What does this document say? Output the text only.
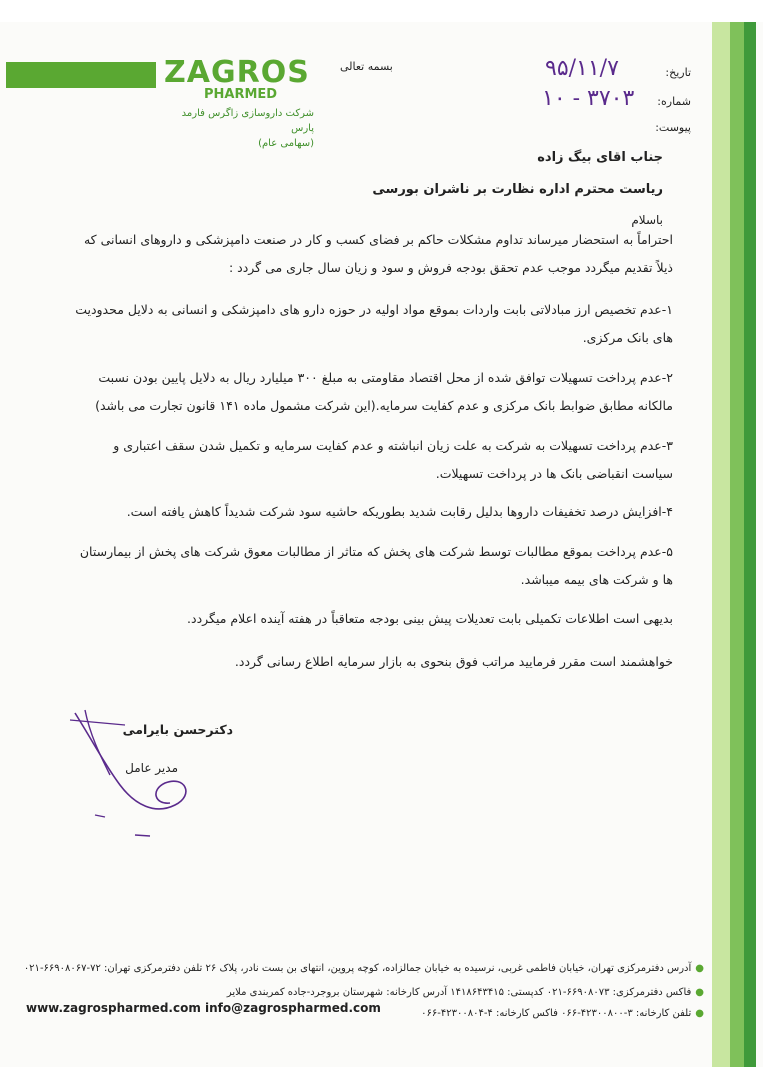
ZAGROS
PHARMED
شرکت داروسازی زاگرس فارمد پارس
(سهامی عام)
بسمه تعالی	تاریخ:
شماره:
پیوست:
۹۵/۱۱/۷
۱۰ - ۳۷۰۳
جناب اقای بیگ زاده
ریاست محترم اداره نظارت بر ناشران بورسی
باسلام
احتراماً به استحضار میرساند تداوم مشکلات حاکم بر فضای کسب و کار در صنعت دامپزشکی و داروهای انسانی که ذیلاً تقدیم میگردد موجب عدم تحقق بودجه فروش و سود و زیان سال جاری می گردد :
۱-عدم تخصیص ارز مبادلاتی بابت واردات بموقع مواد اولیه در حوزه دارو های دامپزشکی و انسانی به دلایل محدودیت های بانک مرکزی.
۲-عدم پرداخت تسهیلات توافق شده از محل اقتصاد مقاومتی به مبلغ ۳۰۰ میلیارد ریال به دلایل پایین بودن نسبت مالکانه مطابق ضوابط بانک مرکزی و عدم کفایت سرمایه.(این شرکت مشمول ماده ۱۴۱ قانون تجارت می باشد)
۳-عدم پرداخت تسهیلات به شرکت به علت زیان انباشته و عدم کفایت سرمایه و تکمیل شدن سقف اعتباری و سیاست انقباضی بانک ها در پرداخت تسهیلات.
۴-افزایش درصد تخفیفات داروها بدلیل رقابت شدید بطوریکه حاشیه سود شرکت شدیداً کاهش یافته است.
۵-عدم پرداخت بموقع مطالبات توسط شرکت های پخش که متاثر از مطالبات معوق شرکت های پخش از بیمارستان ها و شرکت های بیمه میباشد.
بدیهی است اطلاعات تکمیلی بابت تعدیلات پیش بینی بودجه متعاقباً در هفته آینده اعلام میگردد.
خواهشمند است مقرر فرمایید مراتب فوق بنحوی به بازار سرمایه اطلاع رسانی گردد.
دکترحسن بایرامی
مدیر عامل
●آدرس دفترمرکزی تهران، خیابان فاطمی غربی، نرسیده به خیابان جمالزاده، کوچه پروین، انتهای بن بست نادر، پلاک ۲۶ تلفن دفترمرکزی تهران: ۷۲-۶۶۹۰۸۰۶۷-۰۲۱
●فاکس دفترمرکزی: ۶۶۹۰۸۰۷۳-۰۲۱ کدپستی: ۱۴۱۸۶۴۳۴۱۵ آدرس کارخانه: شهرستان بروجرد-جاده کمربندی ملایر
●تلفن کارخانه: ۳-۴۲۳۰۰۸۰۰-۰۶۶ فاکس کارخانه: ۴-۴۲۳۰۰۸۰۴-۰۶۶
www.zagrospharmed.com info@zagrospharmed.com
